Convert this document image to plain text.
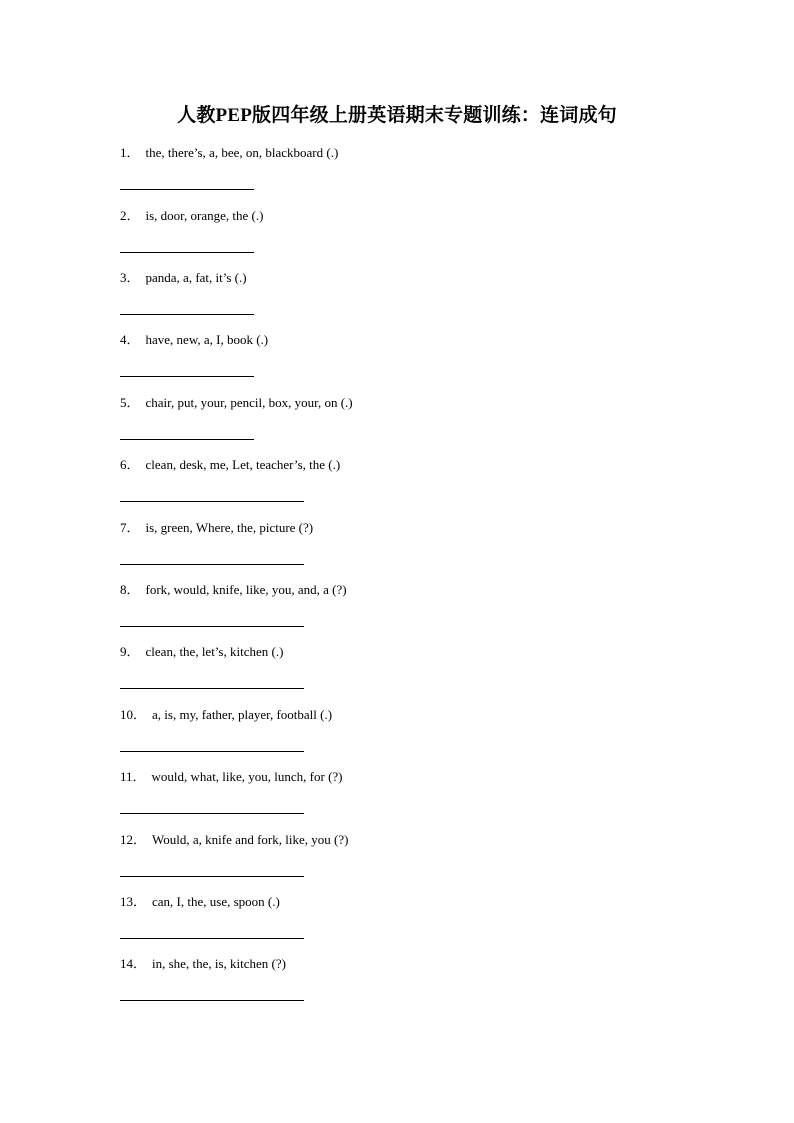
人教PEP版四年级上册英语期末专题训练：连词成句
1． the, there’s, a, bee, on, blackboard (.)
2． is, door, orange, the (.)
3． panda, a, fat, it’s (.)
4． have, new, a, I, book (.)
5． chair, put, your, pencil, box, your, on (.)
6． clean, desk, me, Let, teacher’s, the (.)
7． is, green, Where, the, picture (?)
8． fork, would, knife, like, you, and, a (?)
9． clean, the, let’s, kitchen (.)
10． a, is, my, father, player, football (.)
11． would, what, like, you, lunch, for (?)
12． Would, a, knife and fork, like, you (?)
13． can, I, the, use, spoon (.)
14． in, she, the, is, kitchen (?)
